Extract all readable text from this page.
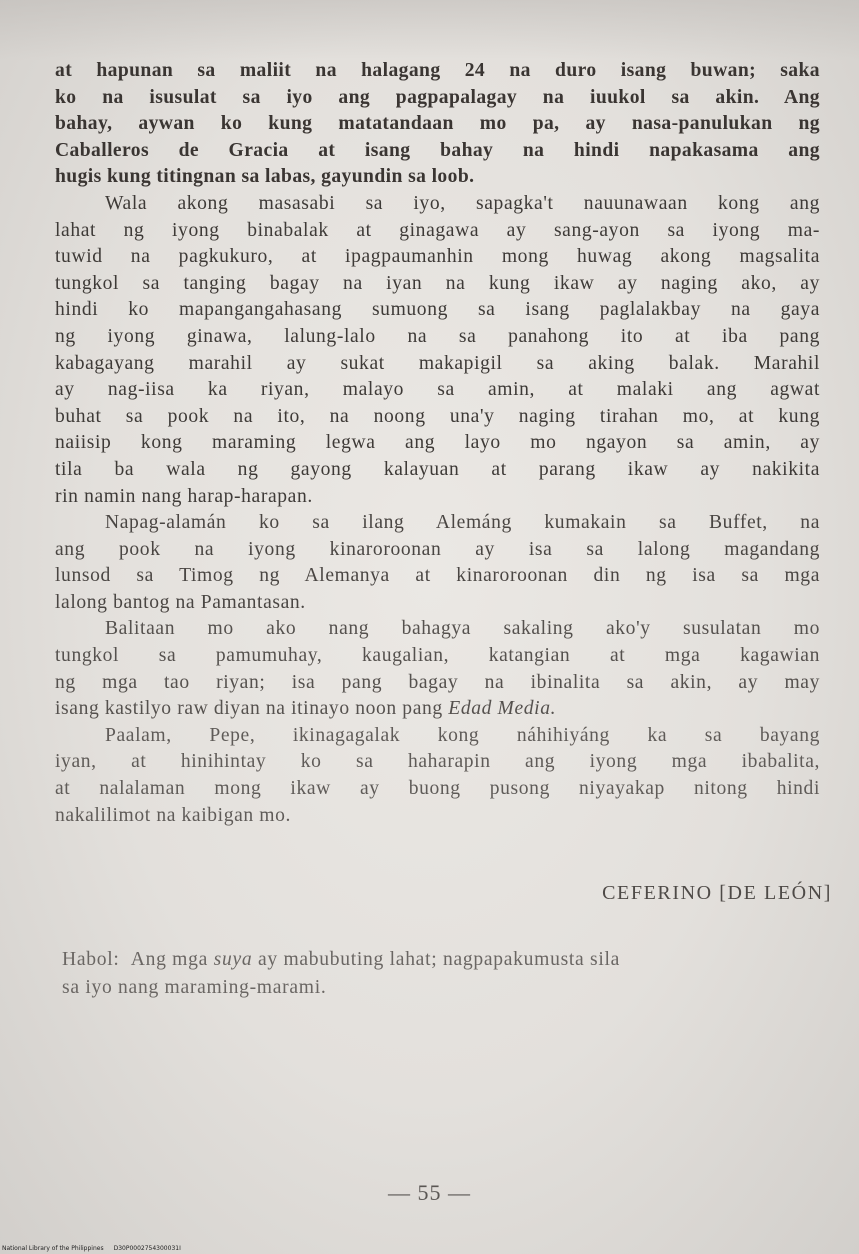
at hapunan sa maliit na halagang 24 na duro isang buwan; saka
ko na isusulat sa iyo ang pagpapalagay na iuukol sa akin. Ang
bahay, aywan ko kung matatandaan mo pa, ay nasa-panulukan ng
Caballeros de Gracia at isang bahay na hindi napakasama ang
hugis kung titingnan sa labas, gayundin sa loob.

Wala akong masasabi sa iyo, sapagka't nauunawaan kong ang
lahat ng iyong binabalak at ginagawa ay sang-ayon sa iyong ma-
tuwid na pagkukuro, at ipagpaumanhin mong huwag akong magsalita
tungkol sa tanging bagay na iyan na kung ikaw ay naging ako, ay
hindi ko mapangangahasang sumuong sa isang paglalakbay na gaya
ng iyong ginawa, lalung-lalo na sa panahong ito at iba pang
kabagayang marahil ay sukat makapigil sa aking balak. Marahil
ay nag-iisa ka riyan, malayo sa amin, at malaki ang agwat
buhat sa pook na ito, na noong una'y naging tirahan mo, at kung
naiisip kong maraming legwa ang layo mo ngayon sa amin, ay
tila ba wala ng gayong kalayuan at parang ikaw ay nakikita
rin namin nang harap-harapan.

Napag-alamán ko sa ilang Alemáng kumakain sa Buffet, na
ang pook na iyong kinaroroonan ay isa sa lalong magandang
lunsod sa Timog ng Alemanya at kinaroroonan din ng isa sa mga
lalong bantog na Pamantasan.

Balitaan mo ako nang bahagya sakaling ako'y susulatan mo
tungkol sa pamumuhay, kaugalian, katangian at mga kagawian
ng mga tao riyan; isa pang bagay na ibinalita sa akin, ay may
isang kastilyo raw diyan na itinayo noon pang Edad Media.

Paalam, Pepe, ikinagagalak kong náhihiyáng ka sa bayang
iyan, at hinihintay ko sa haharapin ang iyong mga ibabalita,
at nalalaman mong ikaw ay buong pusong niyayakap nitong hindi
nakalilimot na kaibigan mo.

CEFERINO [DE LEÓN]
Habol: Ang mga suya ay mabubuting lahat; nagpapakumusta sila
sa iyo nang maraming-marami.
— 55 —
National Library of the Philippines D30P0002754300031I
